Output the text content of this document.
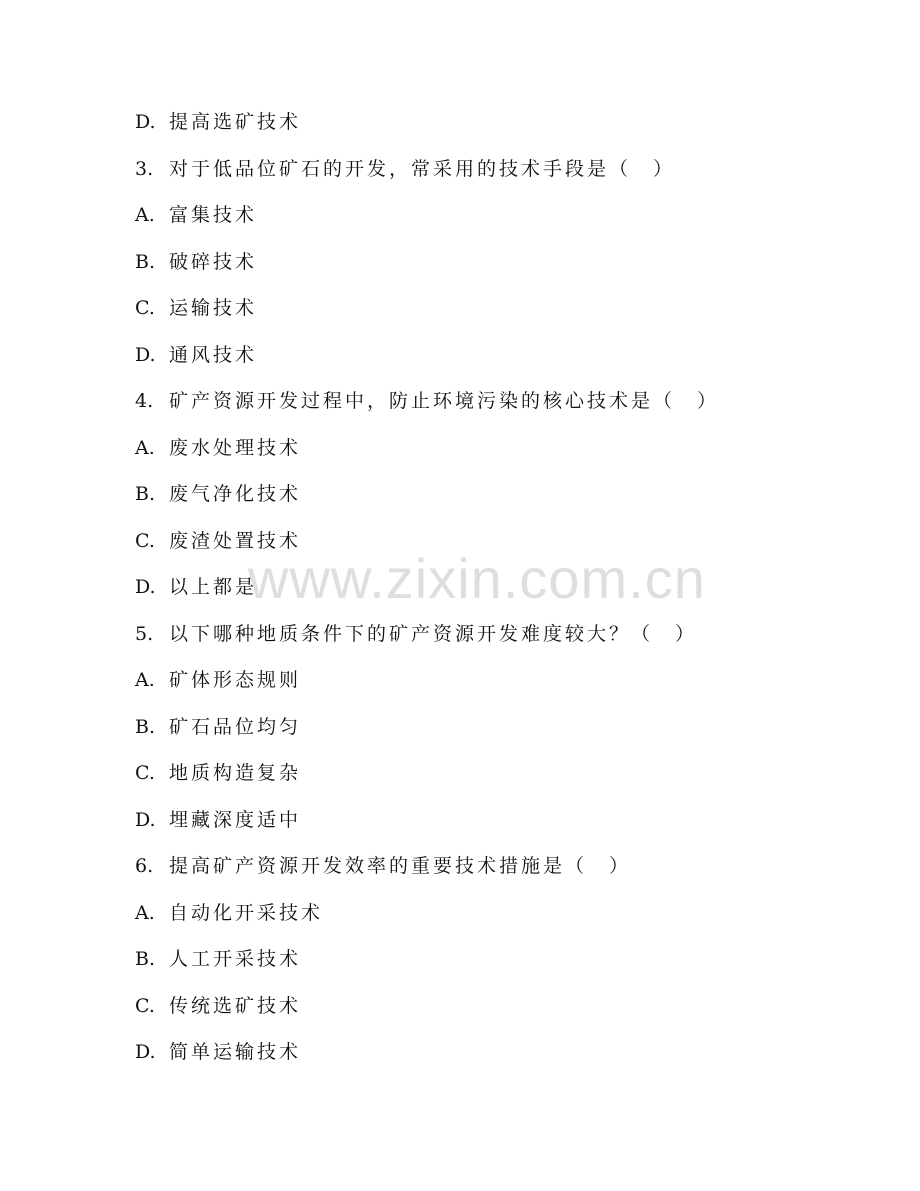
D. 提高选矿技术
3. 对于低品位矿石的开发，常采用的技术手段是（　）
A. 富集技术
B. 破碎技术
C. 运输技术
D. 通风技术
4. 矿产资源开发过程中，防止环境污染的核心技术是（　）
A. 废水处理技术
B. 废气净化技术
C. 废渣处置技术
D. 以上都是
5. 以下哪种地质条件下的矿产资源开发难度较大？（　）
A. 矿体形态规则
B. 矿石品位均匀
C. 地质构造复杂
D. 埋藏深度适中
6. 提高矿产资源开发效率的重要技术措施是（　）
A. 自动化开采技术
B. 人工开采技术
C. 传统选矿技术
D. 简单运输技术
www.zixin.com.cn
